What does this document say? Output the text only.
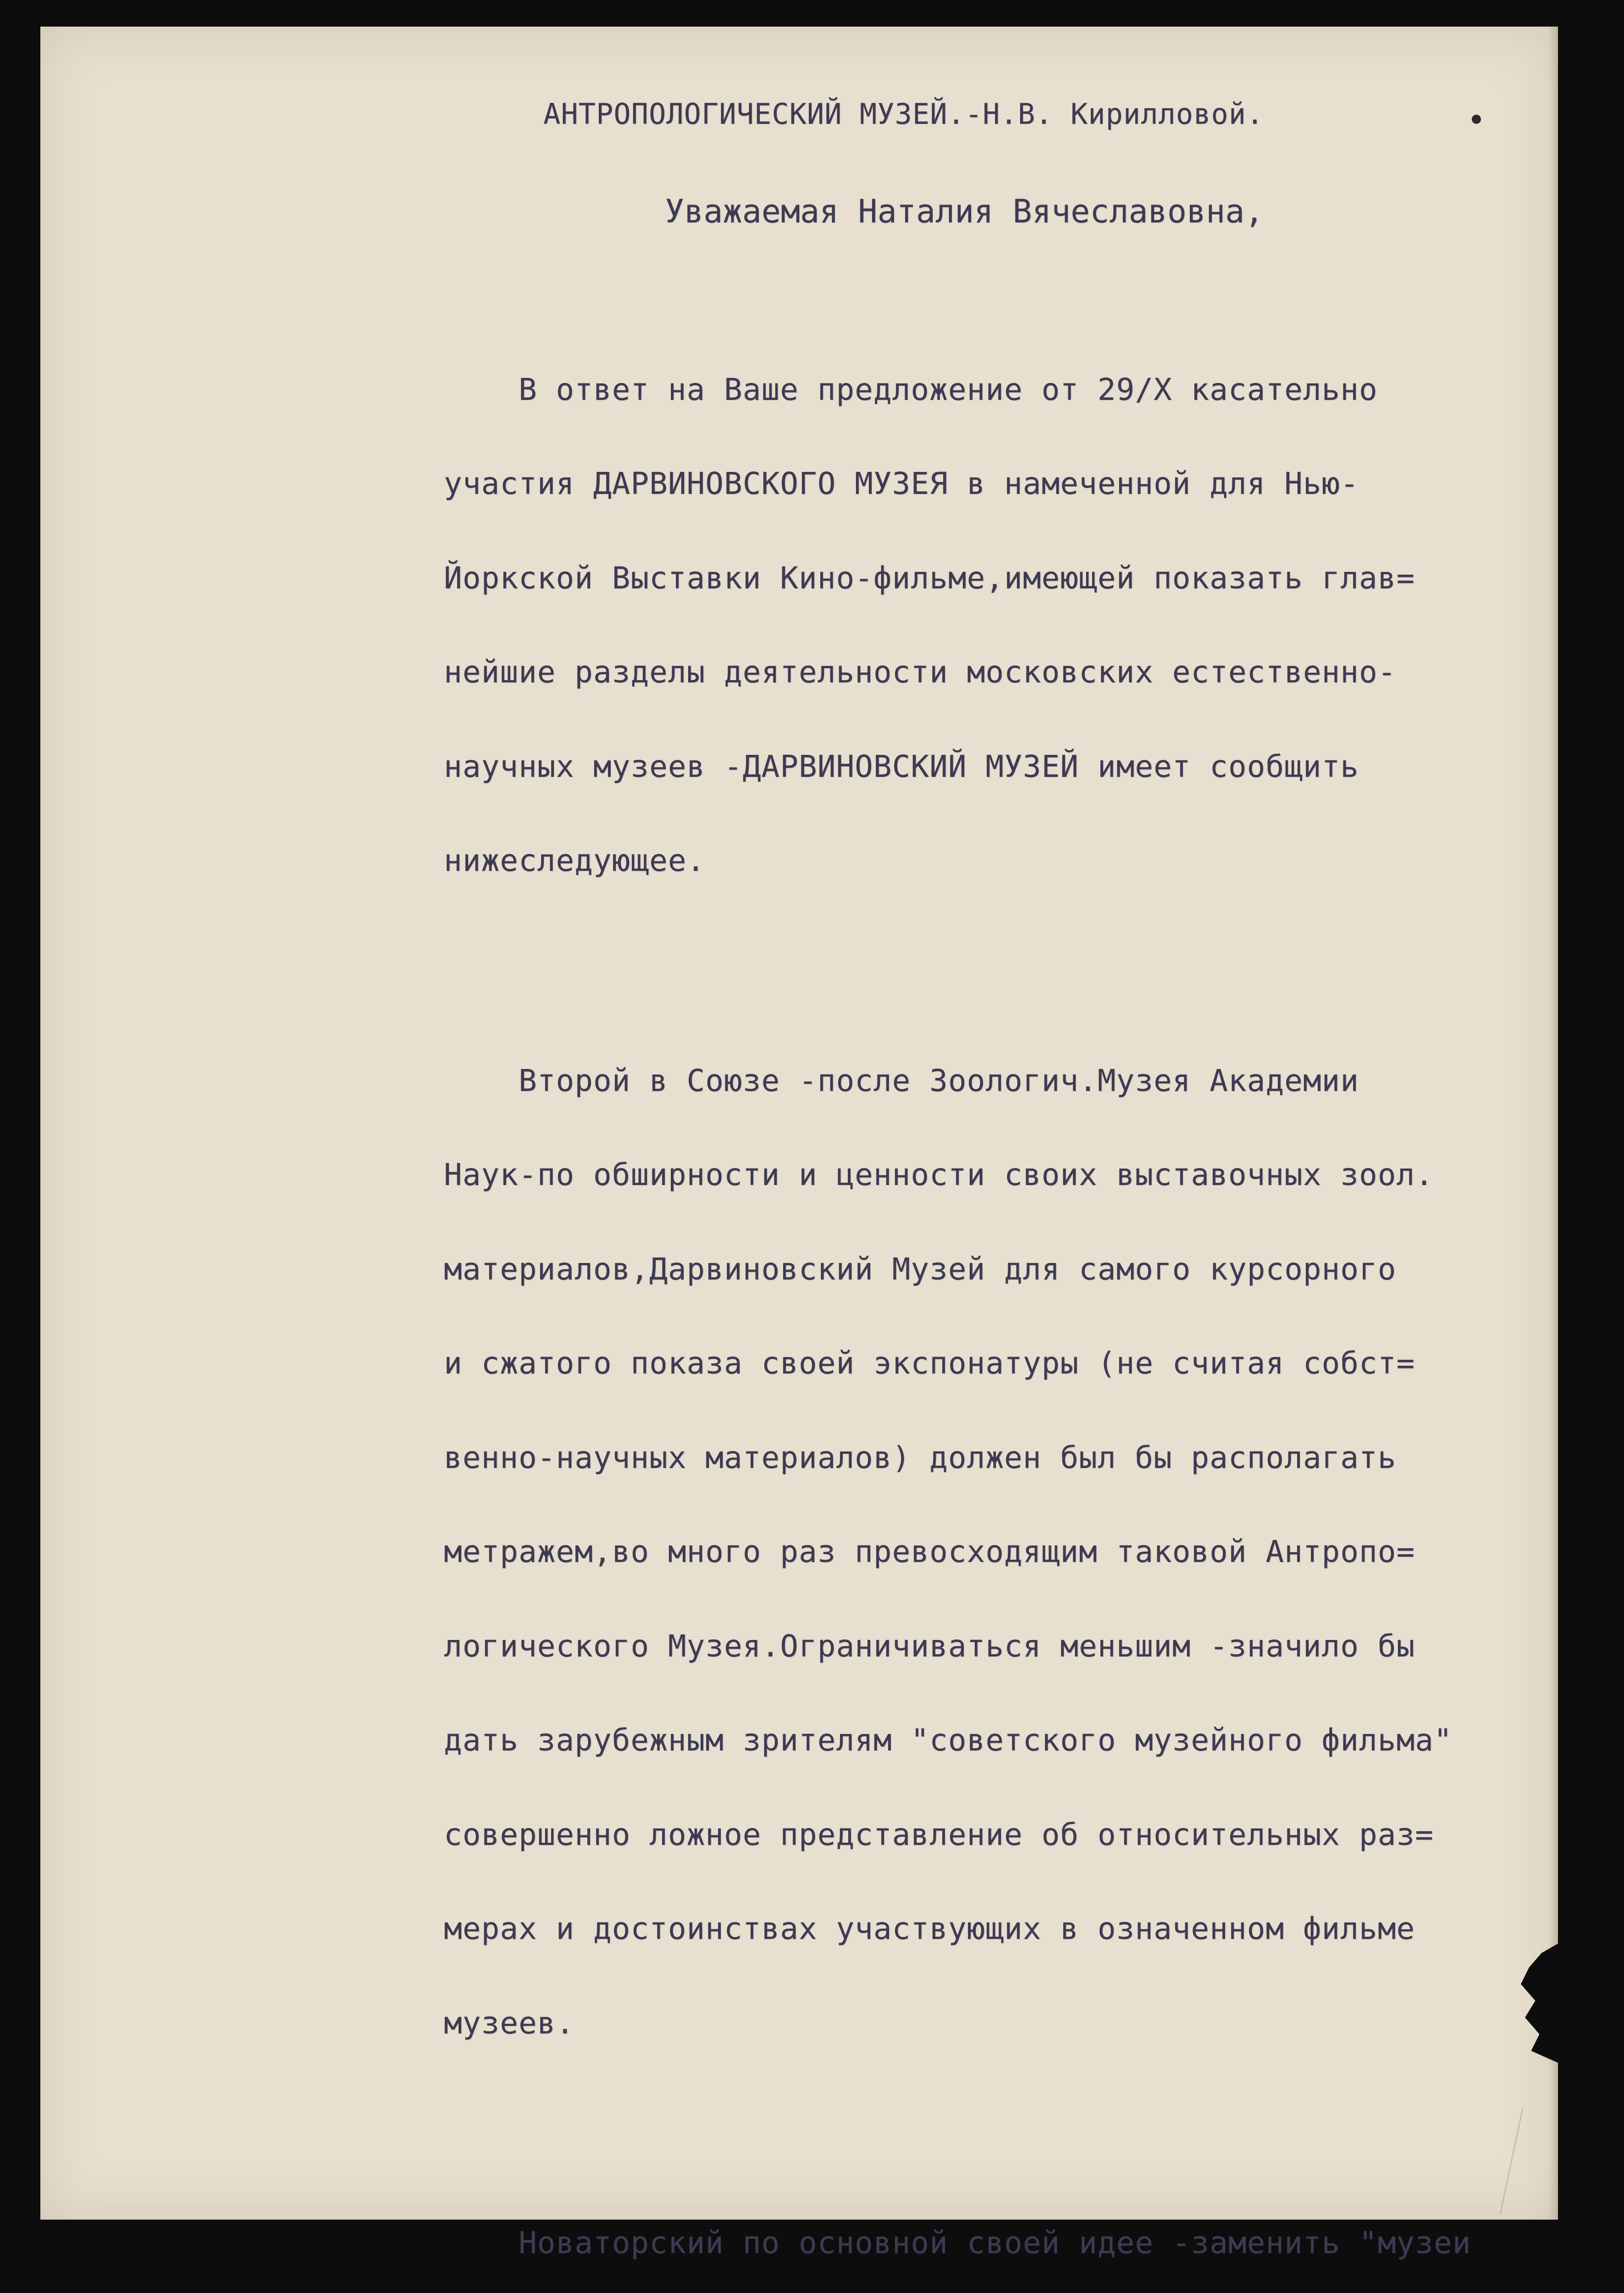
АНТРОПОЛОГИЧЕСКИЙ МУЗЕЙ.-Н.В. Кирилловой.
Уважаемая Наталия Вячеславовна,

В ответ на Ваше предложение от 29/X касательно

участия ДАРВИНОВСКОГО МУЗЕЯ в намеченной для Нью-

Йоркской Выставки Кино-фильме,имеющей показать глав=

нейшие разделы деятельности московских естественно-

научных музеев -ДАРВИНОВСКИЙ МУЗЕЙ имеет сообщить

нижеследующее.

Второй в Союзе -после Зоологич.Музея Академии

Наук-по обширности и ценности своих выставочных зоол.

материалов,Дарвиновский Музей для самого курсорного

и сжатого показа своей экспонатуры (не считая собст=

венно-научных материалов) должен был бы располагать

метражем,во много раз превосходящим таковой Антропо=

логического Музея.Ограничиваться меньшим -значило бы

дать зарубежным зрителям "советского музейного фильма"

совершенно ложное представление об относительных раз=

мерах и достоинствах участвующих в означенном фильме

музеев.

Новаторский по основной своей идее -заменить "музеи
